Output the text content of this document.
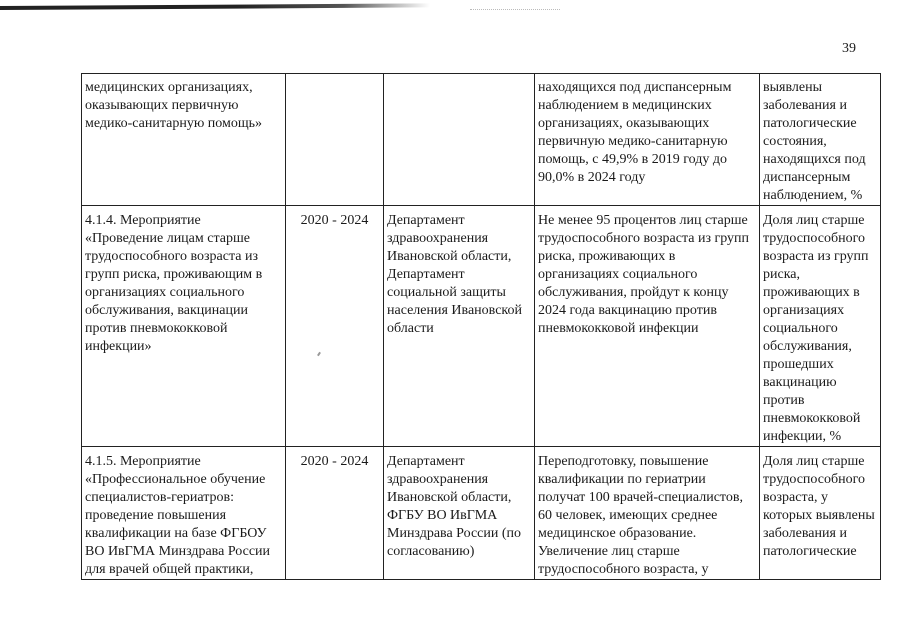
39
медицинских организациях, оказывающих первичную медико-санитарную помощь»			находящихся под диспансерным наблюдением в медицинских организациях, оказывающих первичную медико-санитарную помощь, с 49,9% в 2019 году до 90,0% в 2024 году	выявлены заболевания и патологические состояния, находящихся под диспансерным наблюдением, %
4.1.4. Мероприятие «Проведение лицам старше трудоспособного возраста из групп риска, проживающим в организациях социального обслуживания, вакцинации против пневмококковой инфекции»	2020 - 2024	Департамент здравоохранения Ивановской области, Департамент социальной защиты населения Ивановской области	Не менее 95 процентов лиц старше трудоспособного возраста из групп риска, проживающих в организациях социального обслуживания, пройдут к концу 2024 года вакцинацию против пневмококковой инфекции	Доля лиц старше трудоспособного возраста из групп риска, проживающих в организациях социального обслуживания, прошедших вакцинацию против пневмококковой инфекции, %
4.1.5. Мероприятие «Профессиональное обучение специалистов-гериатров: проведение повышения квалификации на базе ФГБОУ ВО ИвГМА Минздрава России для врачей общей практики,	2020 - 2024	Департамент здравоохранения Ивановской области, ФГБУ ВО ИвГМА Минздрава России (по согласованию)	Переподготовку, повышение квалификации по гериатрии получат 100 врачей-специалистов, 60 человек, имеющих среднее медицинское образование. Увеличение лиц старше трудоспособного возраста, у	Доля лиц старше трудоспособного возраста, у которых выявлены заболевания и патологические
